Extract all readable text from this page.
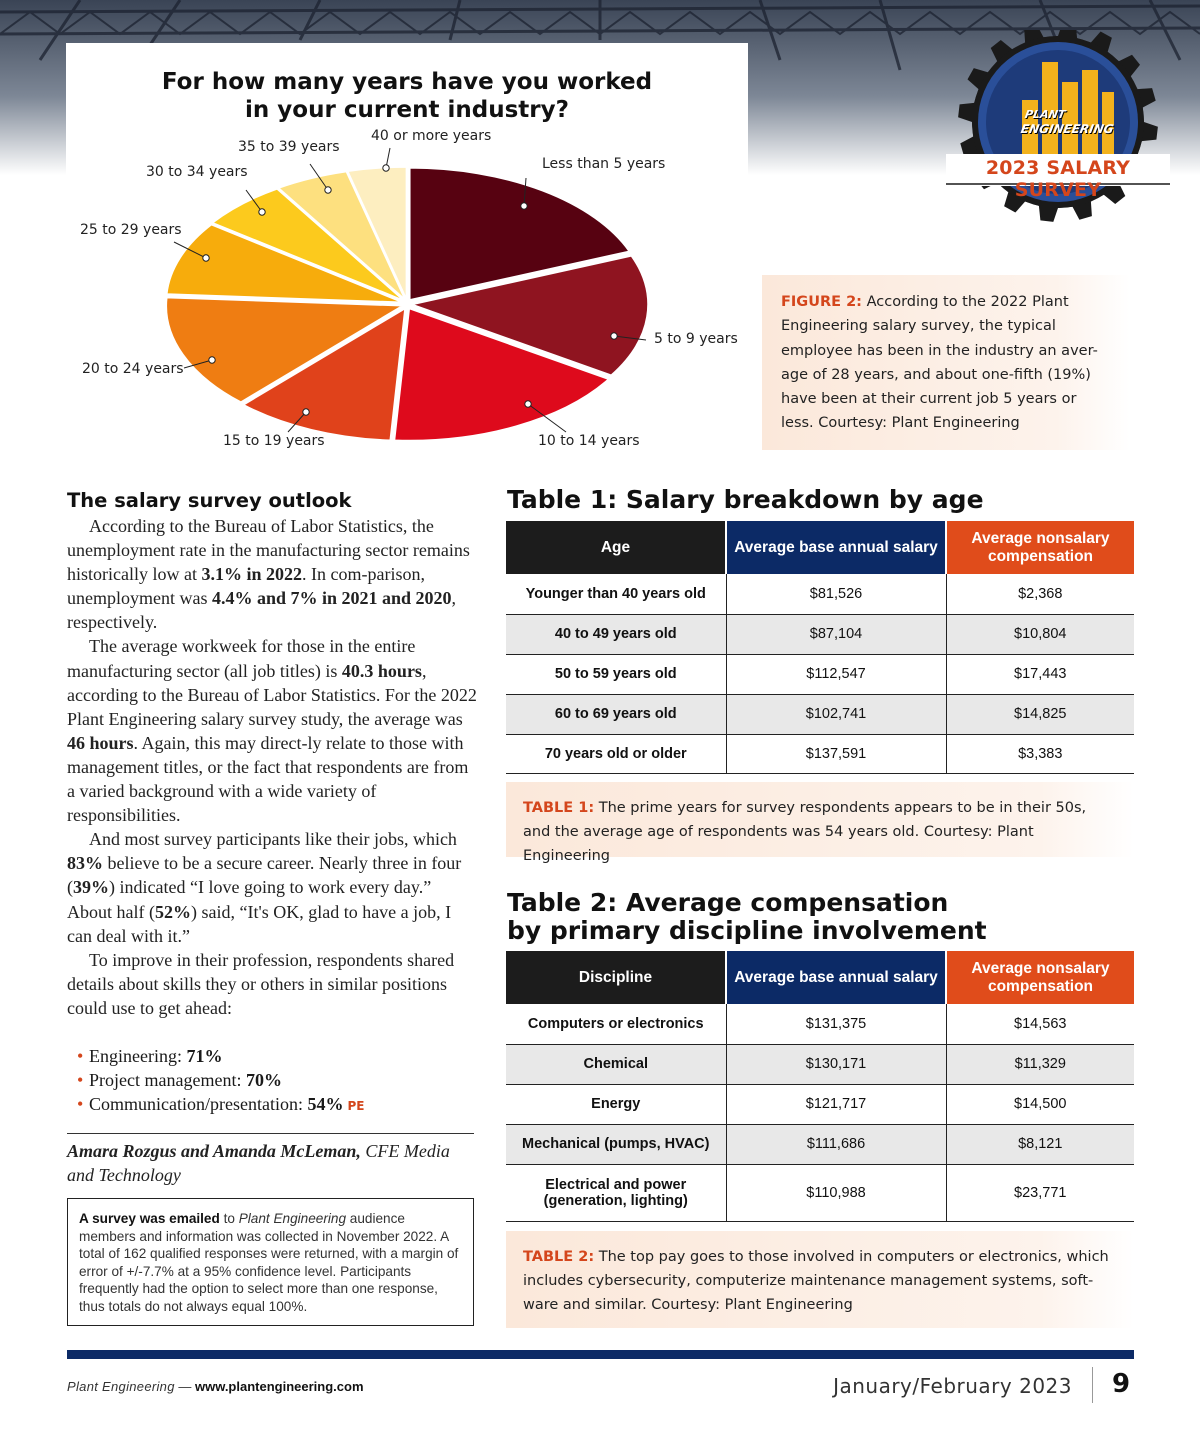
For how many years have you worked
in your current industry?
Less than 5 years
5 to 9 years
10 to 14 years
15 to 19 years
20 to 24 years
25 to 29 years
30 to 34 years
35 to 39 years
40 or more years
PLANT
ENGINEERING
2023 SALARY SURVEY
FIGURE 2: According to the 2022 Plant Engineering salary survey, the typical employee has been in the industry an aver-age of 28 years, and about one-fifth (19%) have been at their current job 5 years or less. Courtesy: Plant Engineering
The salary survey outlook

According to the Bureau of Labor Statistics, the unemployment rate in the manufacturing sector remains historically low at 3.1% in 2022. In com-parison, unemployment was 4.4% and 7% in 2021 and 2020, respectively.

The average workweek for those in the entire manufacturing sector (all job titles) is 40.3 hours, according to the Bureau of Labor Statistics. For the 2022 Plant Engineering salary survey study, the average was 46 hours. Again, this may direct-ly relate to those with management titles, or the fact that respondents are from a varied background with a wide variety of responsibilities.

And most survey participants like their jobs, which 83% believe to be a secure career. Nearly three in four (39%) indicated “I love going to work every day.” About half (52%) said, “It's OK, glad to have a job, I can deal with it.”

To improve in their profession, respondents shared details about skills they or others in similar positions could use to get ahead:

• Engineering: 71%
• Project management: 70%
• Communication/presentation: 54% PE
Amara Rozgus and Amanda McLeman, CFE Media and Technology
A survey was emailed to Plant Engineering audience members and information was collected in November 2022. A total of 162 qualified responses were returned, with a margin of error of +/-7.7% at a 95% confidence level. Participants frequently had the option to select more than one response, thus totals do not always equal 100%.
Table 1: Salary breakdown by age
Age	Average base annual salary	Average nonsalary compensation
Younger than 40 years old	$81,526	$2,368
40 to 49 years old	$87,104	$10,804
50 to 59 years old	$112,547	$17,443
60 to 69 years old	$102,741	$14,825
70 years old or older	$137,591	$3,383
TABLE 1: The prime years for survey respondents appears to be in their 50s, and the average age of respondents was 54 years old. Courtesy: Plant Engineering
Table 2: Average compensation
by primary discipline involvement
Discipline	Average base annual salary	Average nonsalary compensation
Computers or electronics	$131,375	$14,563
Chemical	$130,171	$11,329
Energy	$121,717	$14,500
Mechanical (pumps, HVAC)	$111,686	$8,121
Electrical and power (generation, lighting)	$110,988	$23,771
TABLE 2: The top pay goes to those involved in computers or electronics, which includes cybersecurity, computerize maintenance management systems, soft-ware and similar. Courtesy: Plant Engineering
Plant Engineering — www.plantengineering.com	January/February 2023 9
